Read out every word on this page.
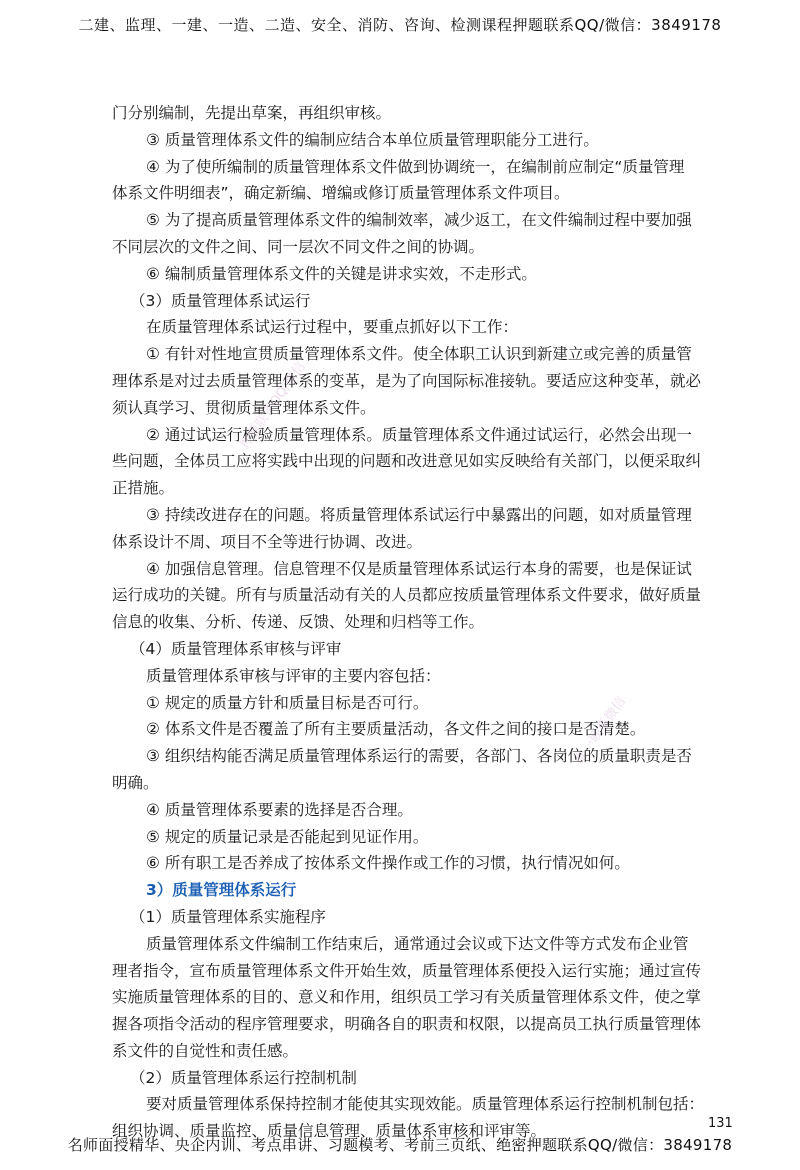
二建、监理、一建、一造、二造、安全、消防、咨询、检测课程押题联系QQ/微信：3849178
押题联系QQ/微信
唯一联系微信
门分别编制，先提出草案，再组织审核。
③ 质量管理体系文件的编制应结合本单位质量管理职能分工进行。
④ 为了使所编制的质量管理体系文件做到协调统一，在编制前应制定“质量管理
体系文件明细表”，确定新编、增编或修订质量管理体系文件项目。
⑤ 为了提高质量管理体系文件的编制效率，减少返工，在文件编制过程中要加强
不同层次的文件之间、同一层次不同文件之间的协调。
⑥ 编制质量管理体系文件的关键是讲求实效，不走形式。
（3）质量管理体系试运行
在质量管理体系试运行过程中，要重点抓好以下工作：
① 有针对性地宣贯质量管理体系文件。使全体职工认识到新建立或完善的质量管
理体系是对过去质量管理体系的变革，是为了向国际标准接轨。要适应这种变革，就必
须认真学习、贯彻质量管理体系文件。
② 通过试运行检验质量管理体系。质量管理体系文件通过试运行，必然会出现一
些问题，全体员工应将实践中出现的问题和改进意见如实反映给有关部门，以便采取纠
正措施。
③ 持续改进存在的问题。将质量管理体系试运行中暴露出的问题，如对质量管理
体系设计不周、项目不全等进行协调、改进。
④ 加强信息管理。信息管理不仅是质量管理体系试运行本身的需要，也是保证试
运行成功的关键。所有与质量活动有关的人员都应按质量管理体系文件要求，做好质量
信息的收集、分析、传递、反馈、处理和归档等工作。
（4）质量管理体系审核与评审
质量管理体系审核与评审的主要内容包括：
① 规定的质量方针和质量目标是否可行。
② 体系文件是否覆盖了所有主要质量活动，各文件之间的接口是否清楚。
③ 组织结构能否满足质量管理体系运行的需要，各部门、各岗位的质量职责是否
明确。
④ 质量管理体系要素的选择是否合理。
⑤ 规定的质量记录是否能起到见证作用。
⑥ 所有职工是否养成了按体系文件操作或工作的习惯，执行情况如何。
3）质量管理体系运行
（1）质量管理体系实施程序
质量管理体系文件编制工作结束后，通常通过会议或下达文件等方式发布企业管
理者指令，宣布质量管理体系文件开始生效，质量管理体系便投入运行实施；通过宣传
实施质量管理体系的目的、意义和作用，组织员工学习有关质量管理体系文件，使之掌
握各项指令活动的程序管理要求，明确各自的职责和权限，以提高员工执行质量管理体
系文件的自觉性和责任感。
（2）质量管理体系运行控制机制
要对质量管理体系保持控制才能使其实现效能。质量管理体系运行控制机制包括：
组织协调、质量监控、质量信息管理、质量体系审核和评审等。	131
名师面授精华、央企内训、考点串讲、习题模考、考前三页纸、绝密押题联系QQ/微信：3849178
